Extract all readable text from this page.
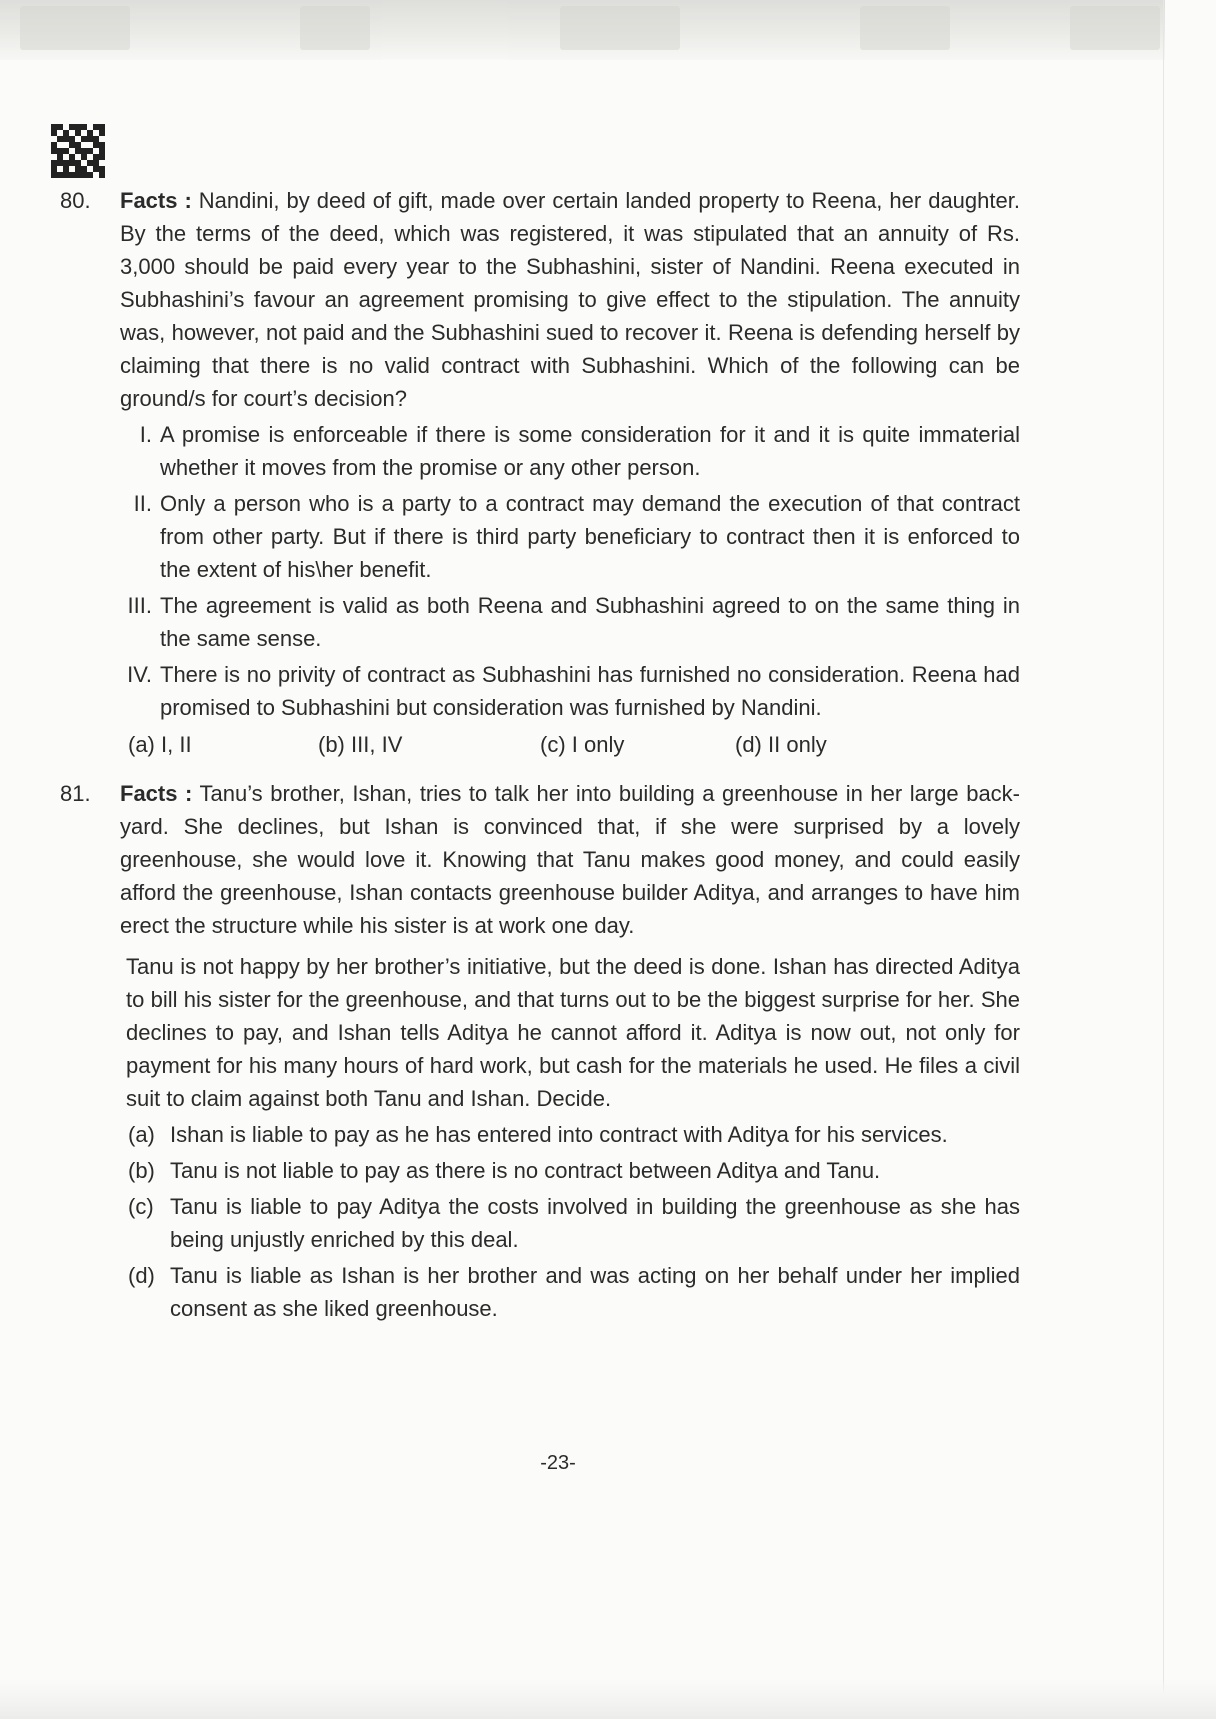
80.	Facts : Nandini, by deed of gift, made over certain landed property to Reena, her daughter. By the terms of the deed, which was registered, it was stipulated that an annuity of Rs. 3,000 should be paid every year to the Subhashini, sister of Nandini. Reena executed in Subhashini’s favour an agreement promising to give effect to the stipulation. The annuity was, however, not paid and the Subhashini sued to recover it. Reena is defending herself by claiming that there is no valid contract with Subhashini. Which of the following can be ground/s for court’s decision?
I. A promise is enforceable if there is some consideration for it and it is quite immaterial whether it moves from the promise or any other person.
II. Only a person who is a party to a contract may demand the execution of that contract from other party. But if there is third party beneficiary to contract then it is enforced to the extent of his\her benefit.
III. The agreement is valid as both Reena and Subhashini agreed to on the same thing in the same sense.
IV. There is no privity of contract as Subhashini has furnished no consideration. Reena had promised to Subhashini but consideration was furnished by Nandini.
(a) I, II	(b) III, IV	(c) I only	(d) II only
81.	Facts : Tanu’s brother, Ishan, tries to talk her into building a greenhouse in her large back-yard. She declines, but Ishan is convinced that, if she were surprised by a lovely greenhouse, she would love it. Knowing that Tanu makes good money, and could easily afford the greenhouse, Ishan contacts greenhouse builder Aditya, and arranges to have him erect the structure while his sister is at work one day.
Tanu is not happy by her brother’s initiative, but the deed is done. Ishan has directed Aditya to bill his sister for the greenhouse, and that turns out to be the biggest surprise for her. She declines to pay, and Ishan tells Aditya he cannot afford it. Aditya is now out, not only for payment for his many hours of hard work, but cash for the materials he used. He files a civil suit to claim against both Tanu and Ishan. Decide.
(a) Ishan is liable to pay as he has entered into contract with Aditya for his services.
(b) Tanu is not liable to pay as there is no contract between Aditya and Tanu.
(c) Tanu is liable to pay Aditya the costs involved in building the greenhouse as she has being unjustly enriched by this deal.
(d) Tanu is liable as Ishan is her brother and was acting on her behalf under her implied consent as she liked greenhouse.
-23-
